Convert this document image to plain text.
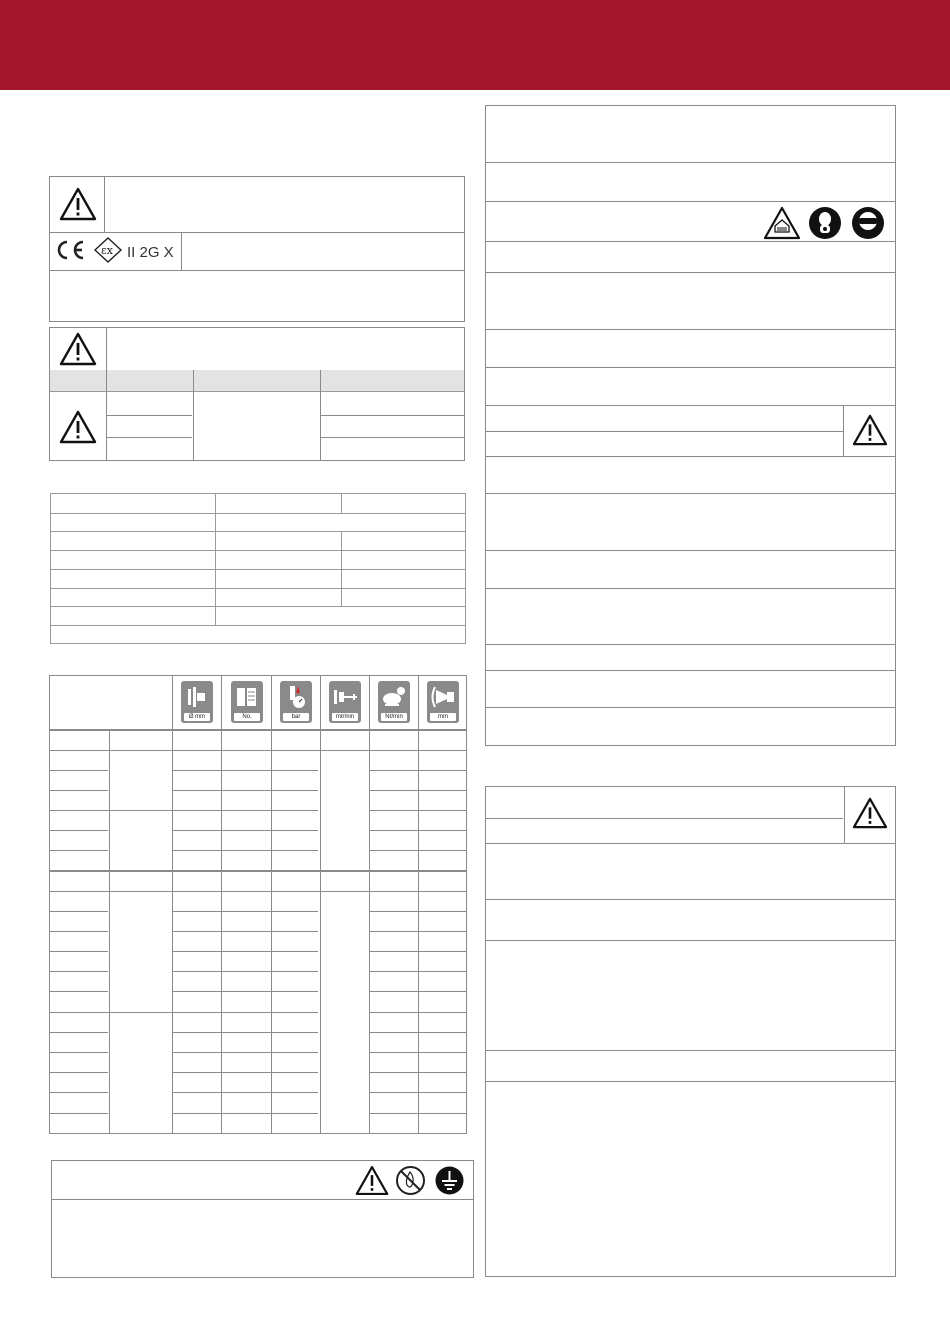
εx II 2G X
Ø mm	No.	bar	mℓ/min	Nℓ/min	mm
